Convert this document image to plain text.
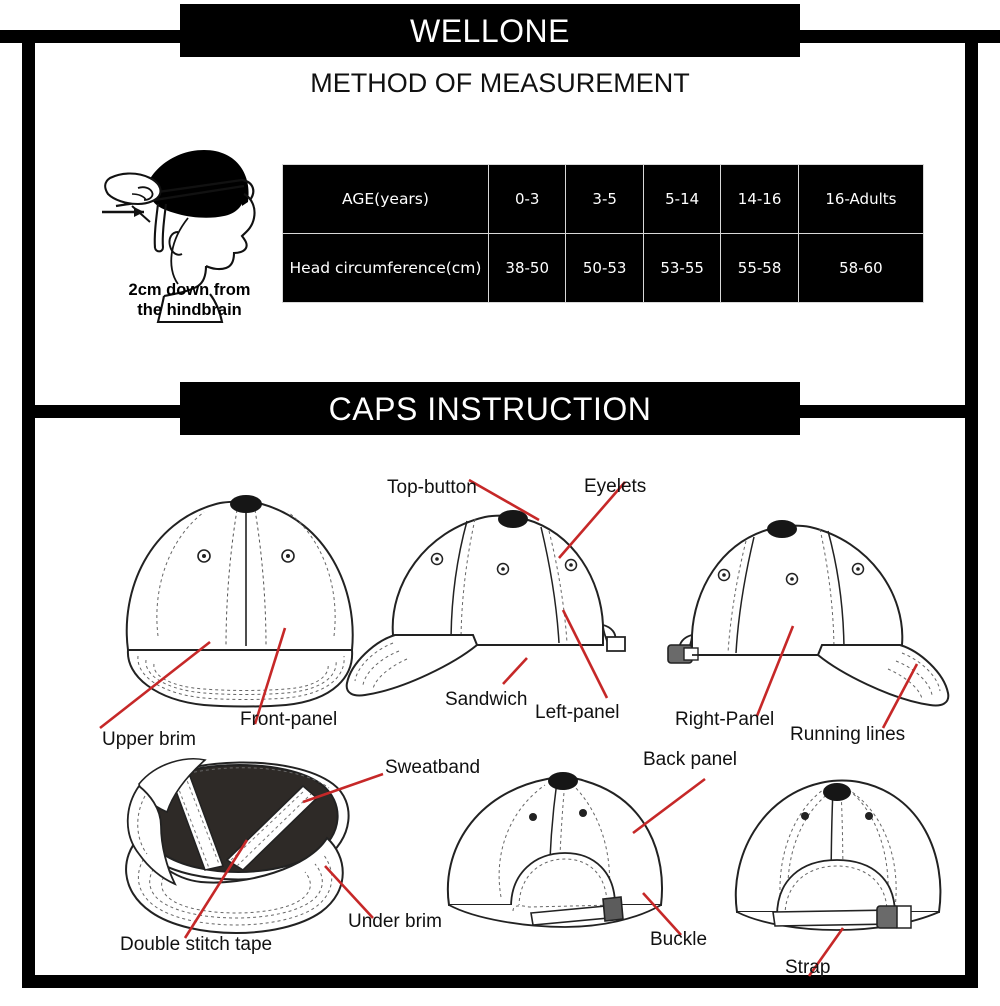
WELLONE
METHOD OF MEASUREMENT
2cm down from
the hindbrain
AGE(years)	0-3	3-5	5-14	14-16	16-Adults
Head circumference(cm)	38-50	50-53	53-55	55-58	58-60
CAPS INSTRUCTION
Upper brim
Front-panel
Top-button	Eyelets
Sandwich
Left-panel	Right-Panel
Running lines
Sweatband
Double stitch tape
Under brim
Back panel
Buckle
Strap
